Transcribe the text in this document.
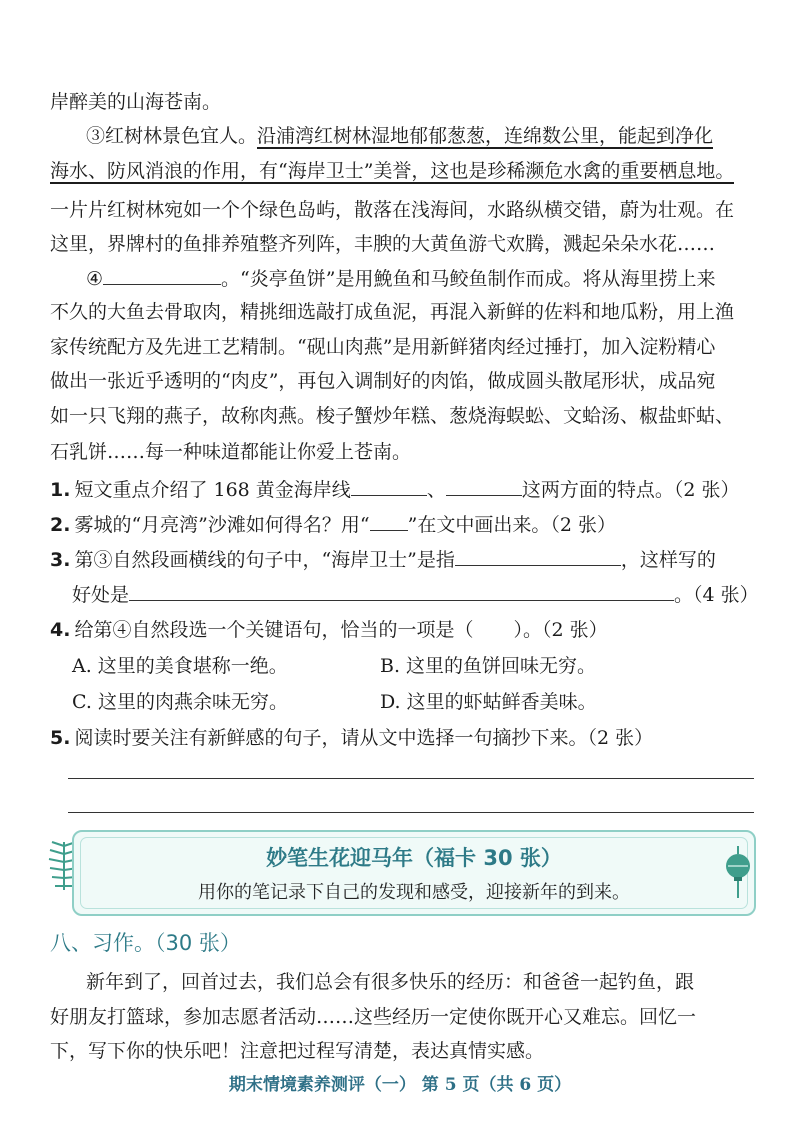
岸醉美的山海苍南。
③红树林景色宜人。沿浦湾红树林湿地郁郁葱葱，连绵数公里，能起到净化
海水、防风消浪的作用，有“海岸卫士”美誉，这也是珍稀濒危水禽的重要栖息地。
一片片红树林宛如一个个绿色岛屿，散落在浅海间，水路纵横交错，蔚为壮观。在
这里，界牌村的鱼排养殖整齐列阵，丰腴的大黄鱼游弋欢腾，溅起朵朵水花……
④	。“炎亭鱼饼”是用鮸鱼和马鲛鱼制作而成。将从海里捞上来
不久的大鱼去骨取肉，精挑细选敲打成鱼泥，再混入新鲜的佐料和地瓜粉，用上渔
家传统配方及先进工艺精制。“砚山肉燕”是用新鲜猪肉经过捶打，加入淀粉精心
做出一张近乎透明的“肉皮”，再包入调制好的肉馅，做成圆头散尾形状，成品宛
如一只飞翔的燕子，故称肉燕。梭子蟹炒年糕、葱烧海蜈蚣、文蛤汤、椒盐虾蛄、
石乳饼……每一种味道都能让你爱上苍南。
1. 短文重点介绍了 168 黄金海岸线	、	这两方面的特点。（2 张）
2. 雾城的“月亮湾”沙滩如何得名？用“ ”在文中画出来。（2 张）
3. 第③自然段画横线的句子中，“海岸卫士”是指	，这样写的
好处是	。（4 张）
4. 给第④自然段选一个关键语句，恰当的一项是（ ）。（2 张）
A. 这里的美食堪称一绝。	B. 这里的鱼饼回味无穷。
C. 这里的肉燕余味无穷。	D. 这里的虾蛄鲜香美味。
5. 阅读时要关注有新鲜感的句子，请从文中选择一句摘抄下来。（2 张）
妙笔生花迎马年（福卡 30 张）
用你的笔记录下自己的发现和感受，迎接新年的到来。
八、习作。（30 张）
新年到了，回首过去，我们总会有很多快乐的经历：和爸爸一起钓鱼，跟
好朋友打篮球，参加志愿者活动……这些经历一定使你既开心又难忘。回忆一
下，写下你的快乐吧！注意把过程写清楚，表达真情实感。
期末情境素养测评（一） 第 5 页（共 6 页）
